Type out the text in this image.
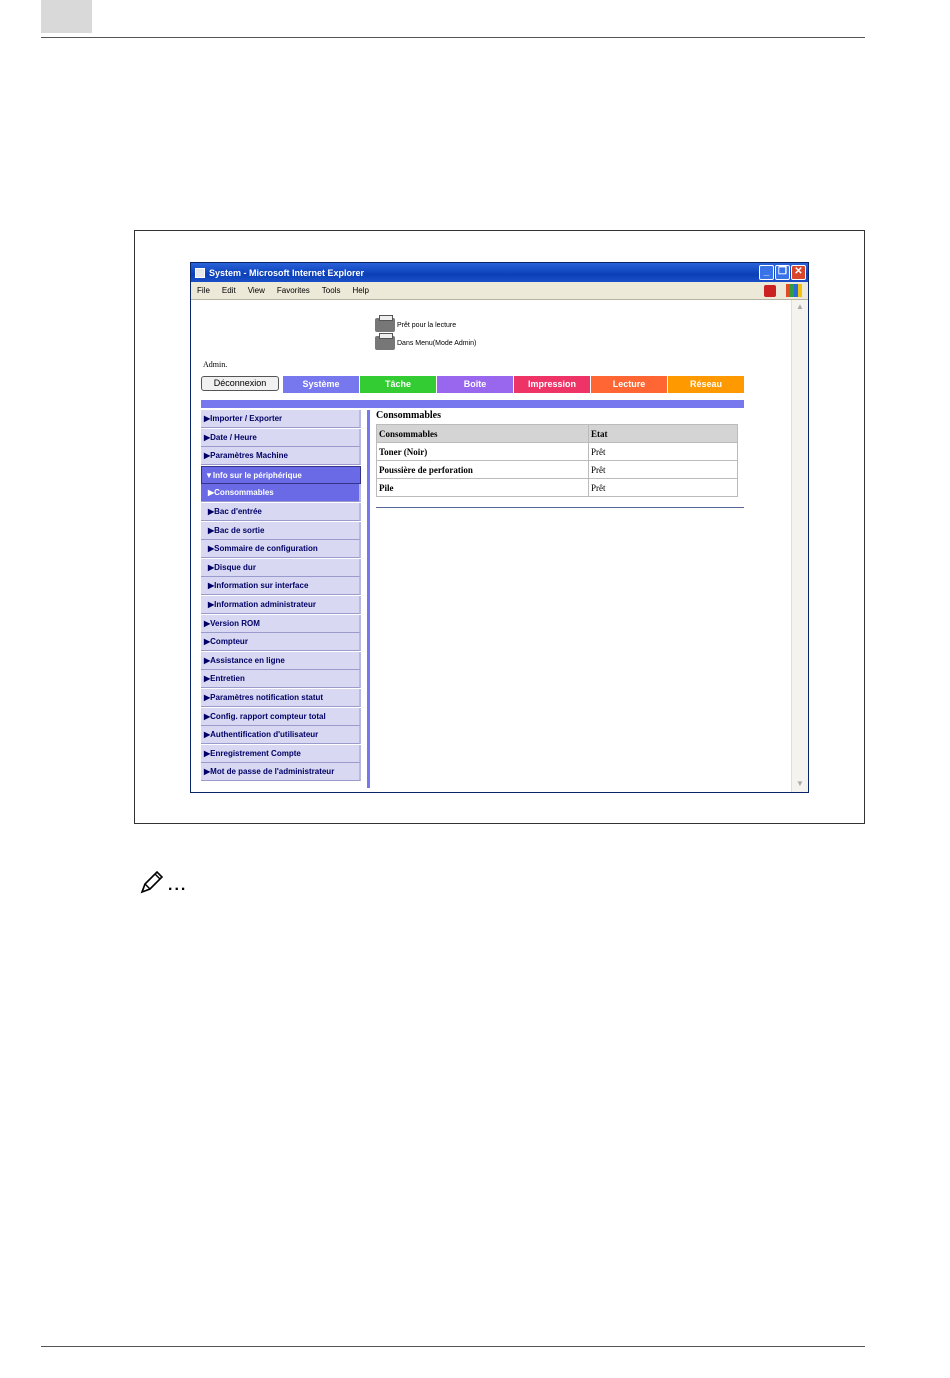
System - Microsoft Internet Explorer	_ ❐ ✕
File Edit View Favorites Tools Help
Prêt pour la lecture
Dans Menu(Mode Admin)
Admin.
Déconnexion	Système	Tâche	Boîte	Impression	Lecture	Réseau
▶Importer / Exporter
▶Date / Heure
▶Paramètres Machine
▼Info sur le périphérique
▶Consommables
▶Bac d'entrée
▶Bac de sortie
▶Sommaire de configuration
▶Disque dur
▶Information sur interface
▶Information administrateur
▶Version ROM
▶Compteur
▶Assistance en ligne
▶Entretien
▶Paramètres notification statut
▶Config. rapport compteur total
▶Authentification d'utilisateur
▶Enregistrement Compte
▶Mot de passe de l'administrateur
Consommables
Consommables	Etat
Toner (Noir)	Prêt
Poussière de perforation	Prêt
Pile	Prêt
▲
▼
...
